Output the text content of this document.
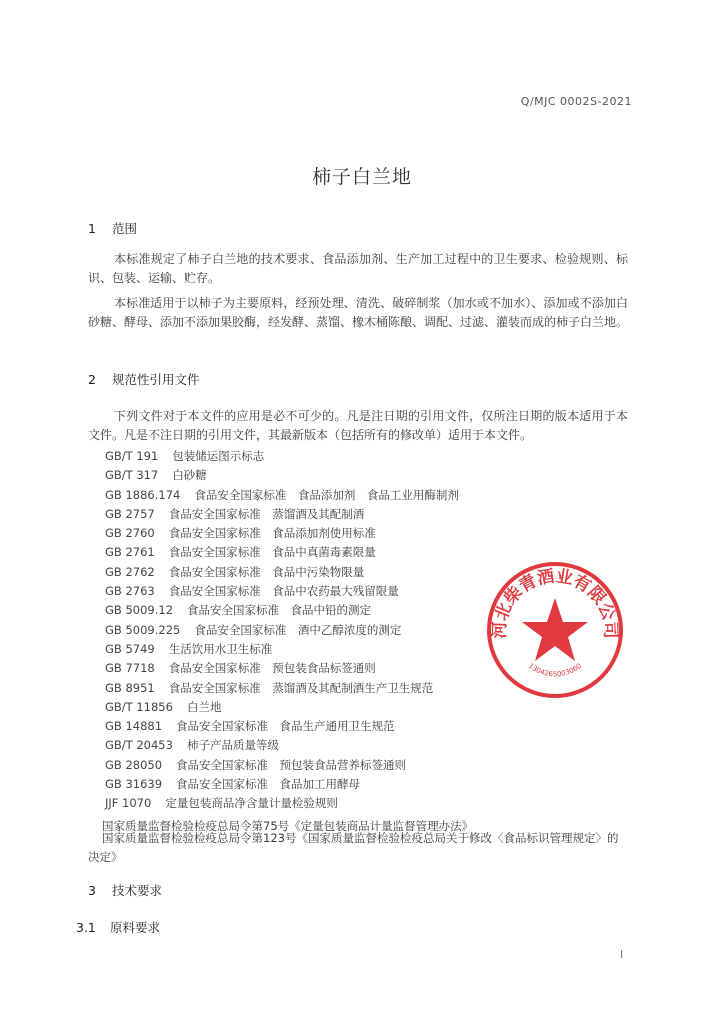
Q/MJC 0002S-2021
柿子白兰地
1 范围

本标准规定了柿子白兰地的技术要求、食品添加剂、生产加工过程中的卫生要求、检验规则、标识、包装、运输、贮存。

本标准适用于以柿子为主要原料，经预处理、清洗、破碎制浆（加水或不加水）、添加或不添加白砂糖、酵母、添加不添加果胶酶，经发酵、蒸馏、橡木桶陈酿、调配、过滤、灌装而成的柿子白兰地。

2 规范性引用文件

下列文件对于本文件的应用是必不可少的。凡是注日期的引用文件，仅所注日期的版本适用于本文件。凡是不注日期的引用文件，其最新版本（包括所有的修改单）适用于本文件。

GB/T 191 包装储运图示标志
GB/T 317 白砂糖
GB 1886.174 食品安全国家标准　食品添加剂　食品工业用酶制剂
GB 2757 食品安全国家标准　蒸馏酒及其配制酒
GB 2760 食品安全国家标准　食品添加剂使用标准
GB 2761 食品安全国家标准　食品中真菌毒素限量
GB 2762 食品安全国家标准　食品中污染物限量
GB 2763 食品安全国家标准　食品中农药最大残留限量
GB 5009.12 食品安全国家标准　食品中铅的测定
GB 5009.225 食品安全国家标准　酒中乙醇浓度的测定
GB 5749 生活饮用水卫生标准
GB 7718 食品安全国家标准　预包装食品标签通则
GB 8951 食品安全国家标准　蒸馏酒及其配制酒生产卫生规范
GB/T 11856 白兰地
GB 14881 食品安全国家标准　食品生产通用卫生规范
GB/T 20453 柿子产品质量等级
GB 28050 食品安全国家标准　预包装食品营养标签通则
GB 31639 食品安全国家标准　食品加工用酵母
JJF 1070 定量包装商品净含量计量检验规则
国家质量监督检验检疫总局令第75号《定量包装商品计量监督管理办法》
国家质量监督检验检疫总局令第123号《国家质量监督检验检疫总局关于修改〈食品标识管理规定〉的决定》
3 技术要求
3.1 原料要求
河北柴青酒业有限公司
1304265003060
I
